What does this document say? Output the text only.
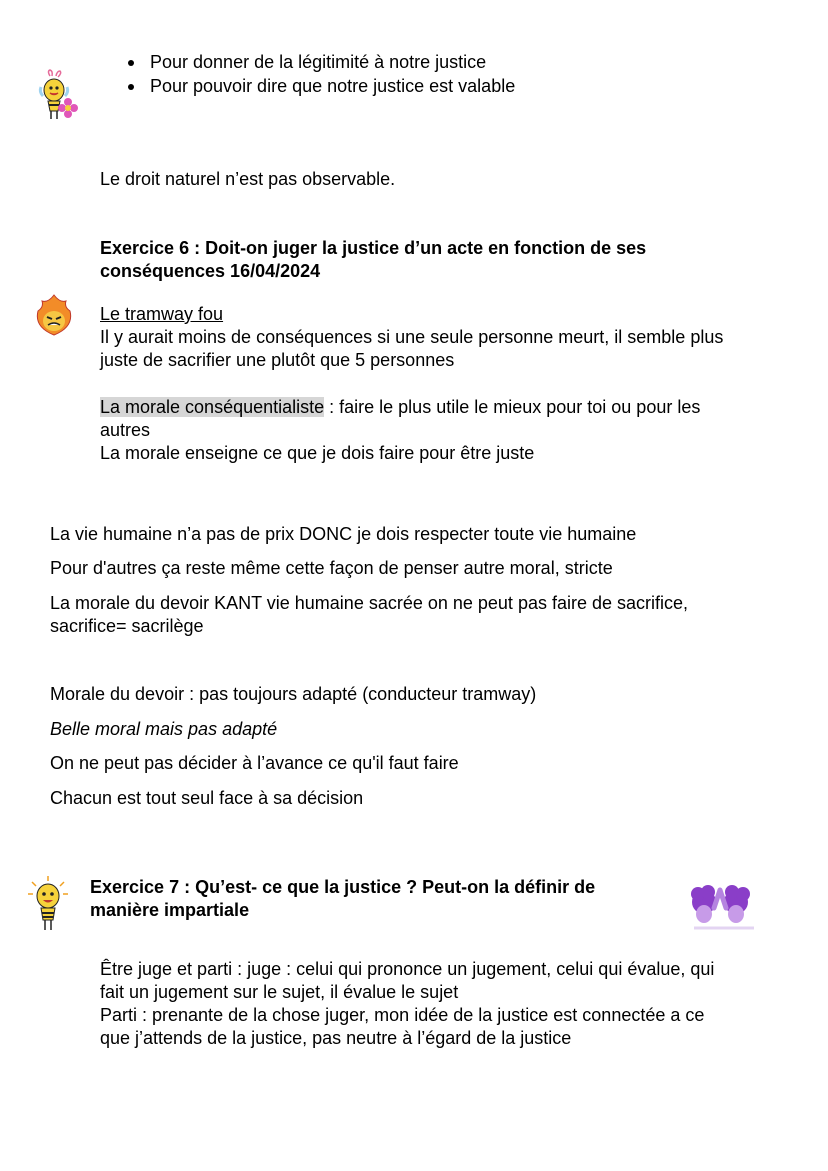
Pour donner de la légitimité à notre justice
Pour pouvoir dire que notre justice est valable
Le droit naturel n’est pas observable.
Exercice 6 : Doit-on juger la justice d’un acte en fonction de ses
conséquences 16/04/2024
Le tramway fou
Il y aurait moins de conséquences si une seule personne meurt, il semble plus
juste de sacrifier une plutôt que 5 personnes
La morale conséquentialiste : faire le plus utile le mieux pour toi ou pour les
autres
La morale enseigne ce que je dois faire pour être juste
La vie humaine n’a pas de prix DONC je dois respecter toute vie humaine
Pour d'autres ça reste même cette façon de penser autre moral, stricte
La morale du devoir KANT vie humaine sacrée on ne peut pas faire de sacrifice,
sacrifice= sacrilège
Morale du devoir : pas toujours adapté (conducteur tramway)
Belle moral mais pas adapté
On ne peut pas décider à l’avance ce qu'il faut faire
Chacun est tout seul face à sa décision
Exercice 7 : Qu’est- ce que la justice ? Peut-on la définir de
manière impartiale
Être juge et parti : juge : celui qui prononce un jugement, celui qui évalue, qui
fait un jugement sur le sujet, il évalue le sujet
Parti : prenante de la chose juger, mon idée de la justice est connectée a ce
que j’attends de la justice, pas neutre à l’égard de la justice
